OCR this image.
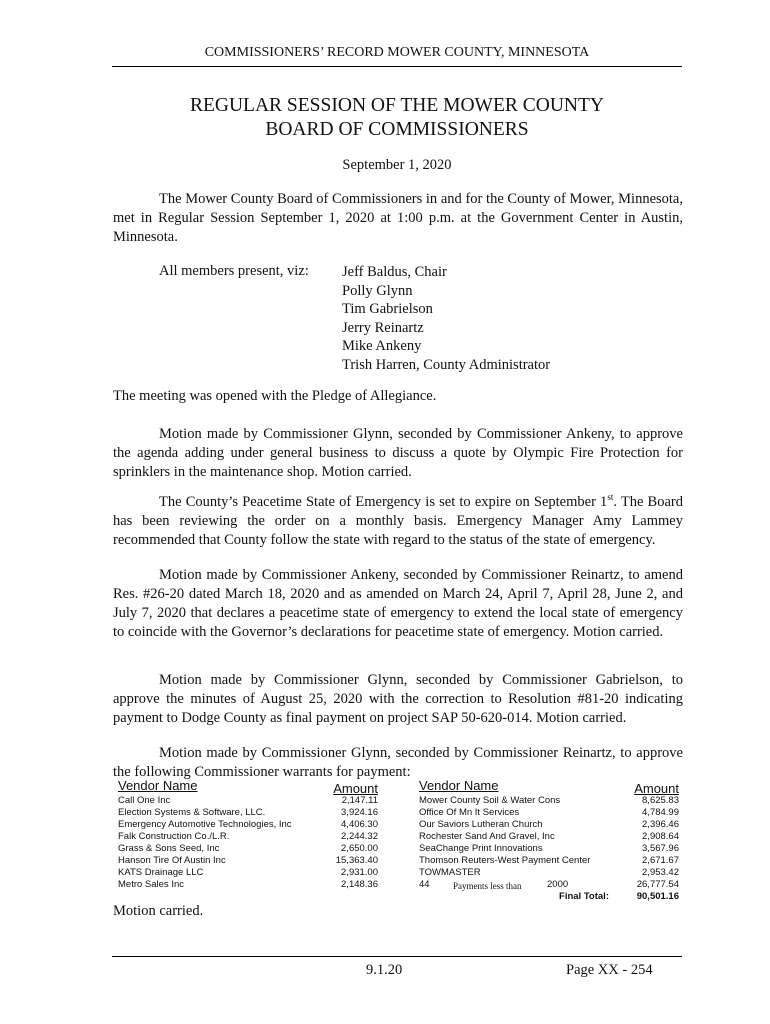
COMMISSIONERS’ RECORD MOWER COUNTY, MINNESOTA
REGULAR SESSION OF THE MOWER COUNTY
BOARD OF COMMISSIONERS
September 1, 2020
The Mower County Board of Commissioners in and for the County of Mower, Minnesota, met in Regular Session September 1, 2020 at 1:00 p.m. at the Government Center in Austin, Minnesota.
All members present, viz: Jeff Baldus, Chair
Polly Glynn
Tim Gabrielson
Jerry Reinartz
Mike Ankeny
Trish Harren, County Administrator
The meeting was opened with the Pledge of Allegiance.
Motion made by Commissioner Glynn, seconded by Commissioner Ankeny, to approve the agenda adding under general business to discuss a quote by Olympic Fire Protection for sprinklers in the maintenance shop. Motion carried.
The County’s Peacetime State of Emergency is set to expire on September 1st. The Board has been reviewing the order on a monthly basis. Emergency Manager Amy Lammey recommended that County follow the state with regard to the status of the state of emergency.
Motion made by Commissioner Ankeny, seconded by Commissioner Reinartz, to amend Res. #26-20 dated March 18, 2020 and as amended on March 24, April 7, April 28, June 2, and July 7, 2020 that declares a peacetime state of emergency to extend the local state of emergency to coincide with the Governor’s declarations for peacetime state of emergency. Motion carried.
Motion made by Commissioner Glynn, seconded by Commissioner Gabrielson, to approve the minutes of August 25, 2020 with the correction to Resolution #81-20 indicating payment to Dodge County as final payment on project SAP 50-620-014. Motion carried.
Motion made by Commissioner Glynn, seconded by Commissioner Reinartz, to approve the following Commissioner warrants for payment:
Vendor Name	Amount
Call One Inc	2,147.11
Election Systems & Software, LLC.	3,924.16
Emergency Automotive Technologies, Inc	4,406.30
Falk Construction Co./L.R.	2,244.32
Grass & Sons Seed, Inc	2,650.00
Hanson Tire Of Austin Inc	15,363.40
KATS Drainage LLC	2,931.00
Metro Sales Inc	2,148.36
Vendor Name	Amount
Mower County Soil & Water Cons	8,625.83
Office Of Mn It Services	4,784.99
Our Saviors Lutheran Church	2,396.46
Rochester Sand And Gravel, Inc	2,908.64
SeaChange Print Innovations	3,567.96
Thomson Reuters-West Payment Center	2,671.67
TOWMASTER	2,953.42
44	Payments less than	2000	26,777.54
Final Total:	90,501.16
Motion carried.
9.1.20	Page XX - 254
